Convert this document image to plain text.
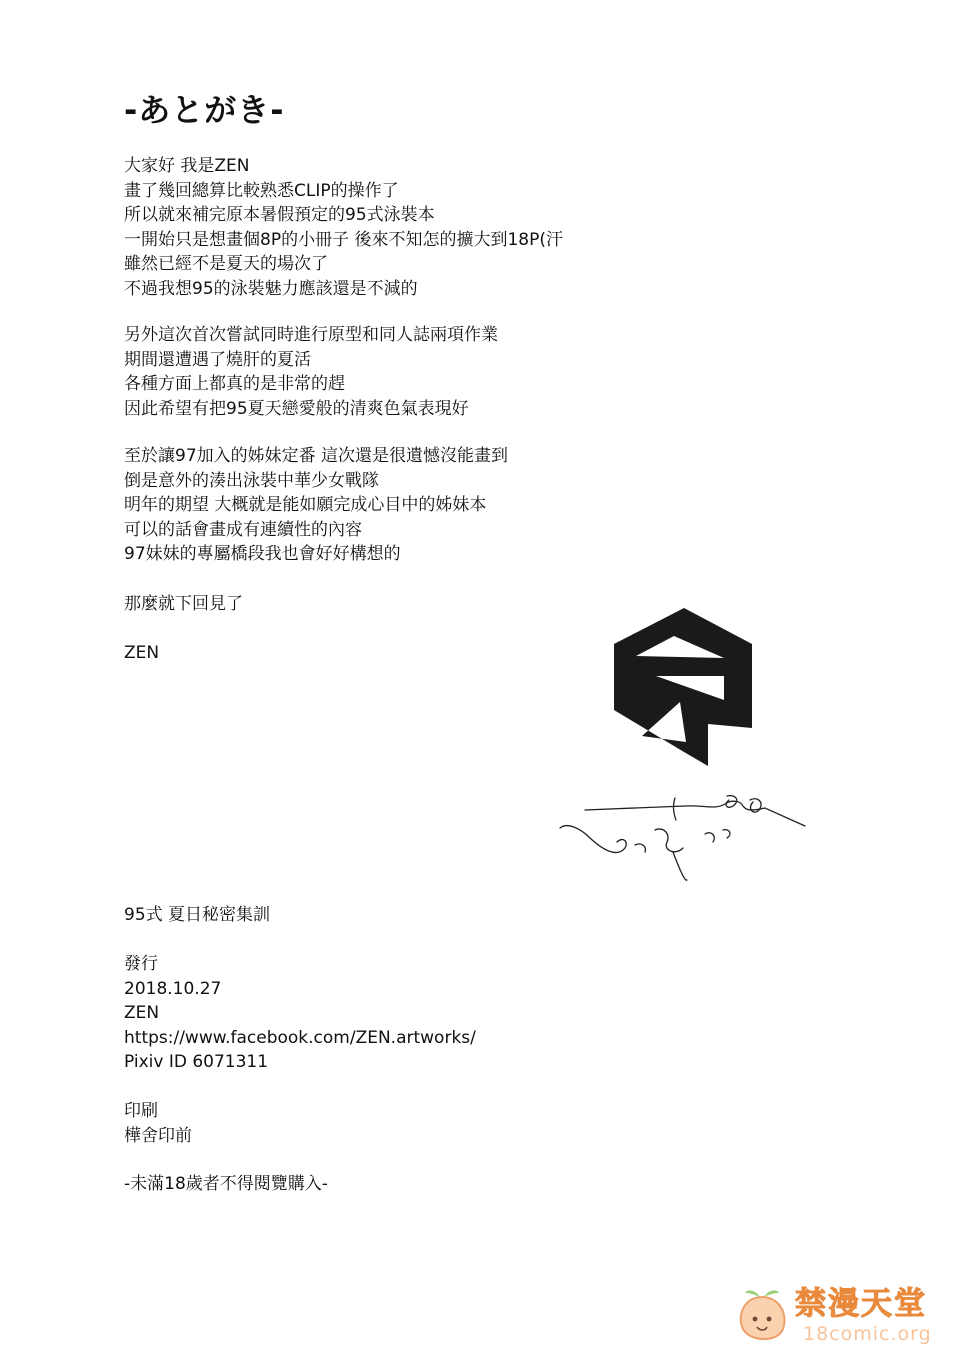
-あとがき-
大家好 我是ZEN
畫了幾回總算比較熟悉CLIP的操作了
所以就來補完原本暑假預定的95式泳裝本
一開始只是想畫個8P的小冊子 後來不知怎的擴大到18P(汗
雖然已經不是夏天的場次了
不過我想95的泳裝魅力應該還是不減的
另外這次首次嘗試同時進行原型和同人誌兩項作業
期間還遭遇了燒肝的夏活
各種方面上都真的是非常的趕
因此希望有把95夏天戀愛般的清爽色氣表現好
至於讓97加入的姊妹定番 這次還是很遺憾沒能畫到
倒是意外的湊出泳裝中華少女戰隊
明年的期望 大概就是能如願完成心目中的姊妹本
可以的話會畫成有連續性的內容
97妹妹的專屬橋段我也會好好構想的
那麼就下回見了
ZEN
95式 夏日秘密集訓
發行
2018.10.27
ZEN
https://www.facebook.com/ZEN.artworks/
Pixiv ID 6071311
印刷
樺舍印前
-未滿18歲者不得閱覽購入-
禁漫天堂
18comic.org
